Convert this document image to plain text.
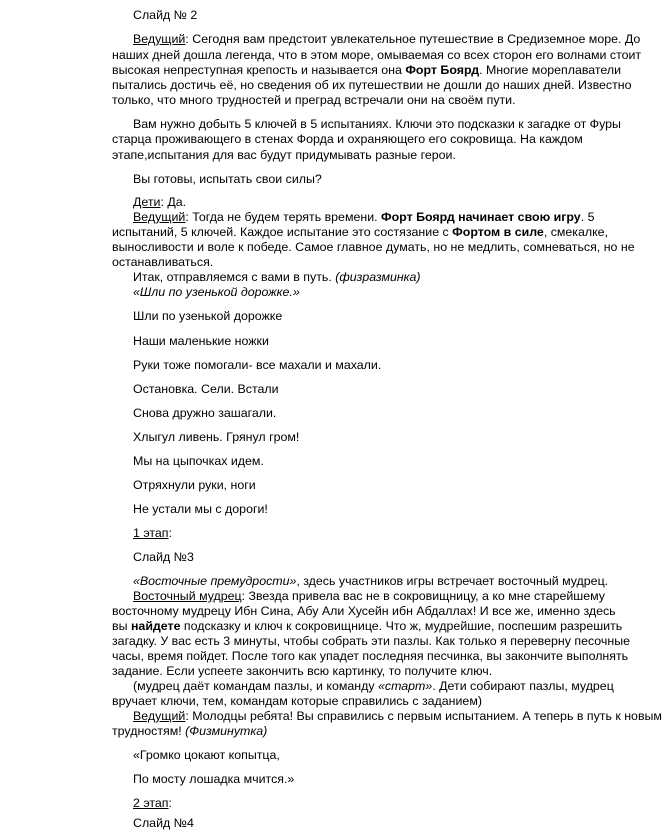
Слайд № 2
Ведущий: Сегодня вам предстоит увлекательное путешествие в Средиземное море. До
наших дней дошла легенда, что в этом море, омываемая со всех сторон его волнами стоит
высокая непреступная крепость и называется она Форт Боярд. Многие мореплаватели
пытались достичь её, но сведения об их путешествии не дошли до наших дней. Известно
только, что много трудностей и преград встречали они на своём пути.
Вам нужно добыть 5 ключей в 5 испытаниях. Ключи это подсказки к загадке от Фуры
старца проживающего в стенах Форда и охраняющего его сокровища. На каждом
этапе,испытания для вас будут придумывать разные герои.
Вы готовы, испытать свои силы?
Дети: Да.
Ведущий: Тогда не будем терять времени. Форт Боярд начинает свою игру. 5
испытаний, 5 ключей. Каждое испытание это состязание с Фортом в силе, смекалке,
выносливости и воле к победе. Самое главное думать, но не медлить, сомневаться, но не
останавливаться.
Итак, отправляемся с вами в путь. (физразминка)
«Шли по узенькой дорожке.»
Шли по узенькой дорожке
Наши маленькие ножки
Руки тоже помогали- все махали и махали.
Остановка. Сели. Встали
Снова дружно зашагали.
Хлыгул ливень. Грянул гром!
Мы на цыпочках идем.
Отряхнули руки, ноги
Не устали мы с дороги!
1 этап:
Слайд №3
«Восточные премудрости», здесь участников игры встречает восточный мудрец.
Восточный мудрец: Звезда привела вас не в сокровищницу, а ко мне старейшему
восточному мудрецу Ибн Сина, Абу Али Хусейн ибн Абдаллах! И все же, именно здесь
вы найдете подсказку и ключ к сокровищнице. Что ж, мудрейшие, поспешим разрешить
загадку. У вас есть 3 минуты, чтобы собрать эти пазлы. Как только я переверну песочные
часы, время пойдет. После того как упадет последняя песчинка, вы закончите выполнять
задание. Если успеете закончить всю картинку, то получите ключ.
(мудрец даёт командам пазлы, и команду «старт». Дети собирают пазлы, мудрец
вручает ключи, тем, командам которые справились с заданием)
Ведущий: Молодцы ребята! Вы справились с первым испытанием. А теперь в путь к новым
трудностям! (Физминутка)
«Громко цокают копытца,
По мосту лошадка мчится.»
2 этап:
Слайд №4
